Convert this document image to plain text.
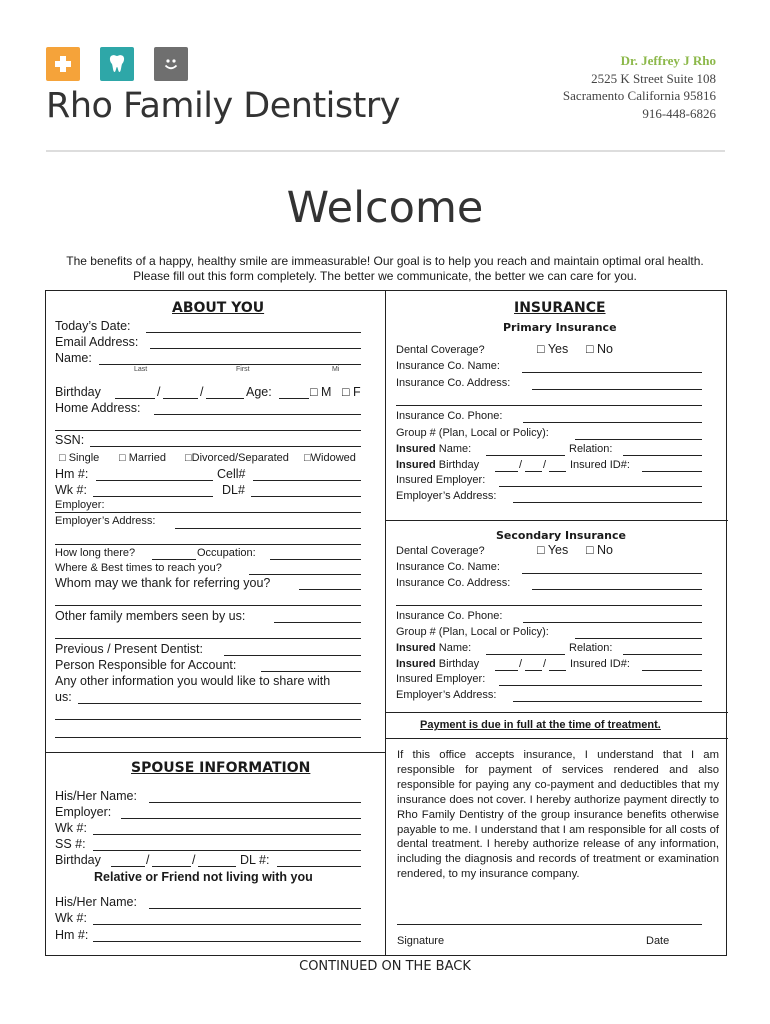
Rho Family Dentistry
Dr. Jeffrey J Rho
2525 K Street Suite 108
Sacramento California 95816
916-448-6826
Welcome
The benefits of a happy, healthy smile are immeasurable! Our goal is to help you reach and maintain optimal oral health.
Please fill out this form completely. The better we communicate, the better we can care for you.
ABOUT YOU
Today’s Date:
Email Address:
Name:
Last	First	Mi
Birthday	/	/	Age:	□ M □ F
Home Address:
SSN:
□ Single □ Married □Divorced/Separated □Widowed
Hm #:	Cell#
Wk #:	DL#
Employer:
Employer’s Address:
How long there?	Occupation:
Where & Best times to reach you?
Whom may we thank for referring you?
Other family members seen by us:
Previous / Present Dentist:
Person Responsible for Account:
Any other information you would like to share with
us:
SPOUSE INFORMATION
His/Her Name:
Employer:
Wk #:
SS #:
Birthday	/	/	DL #:
Relative or Friend not living with you
His/Her Name:
Wk #:
Hm #:
INSURANCE
Primary Insurance
Dental Coverage?	□ Yes □ No
Insurance Co. Name:
Insurance Co. Address:
Insurance Co. Phone:
Group # (Plan, Local or Policy):
Insured Name:	Relation:
Insured Birthday	/ / Insured ID#:
Insured Employer:
Employer’s Address:
Secondary Insurance
Dental Coverage?	□ Yes □ No
Insurance Co. Name:
Insurance Co. Address:
Insurance Co. Phone:
Group # (Plan, Local or Policy):
Insured Name:	Relation:
Insured Birthday	/ / Insured ID#:
Insured Employer:
Employer’s Address:
Payment is due in full at the time of treatment.
If this office accepts insurance, I understand that I am responsible for payment of services rendered and also responsible for paying any co-payment and deductibles that my insurance does not cover. I hereby authorize payment directly to Rho Family Dentistry of the group insurance benefits otherwise payable to me. I understand that I am responsible for all costs of dental treatment. I hereby authorize release of any information, including the diagnosis and records of treatment or examination rendered, to my insurance company.
Signature	Date
CONTINUED ON THE BACK
